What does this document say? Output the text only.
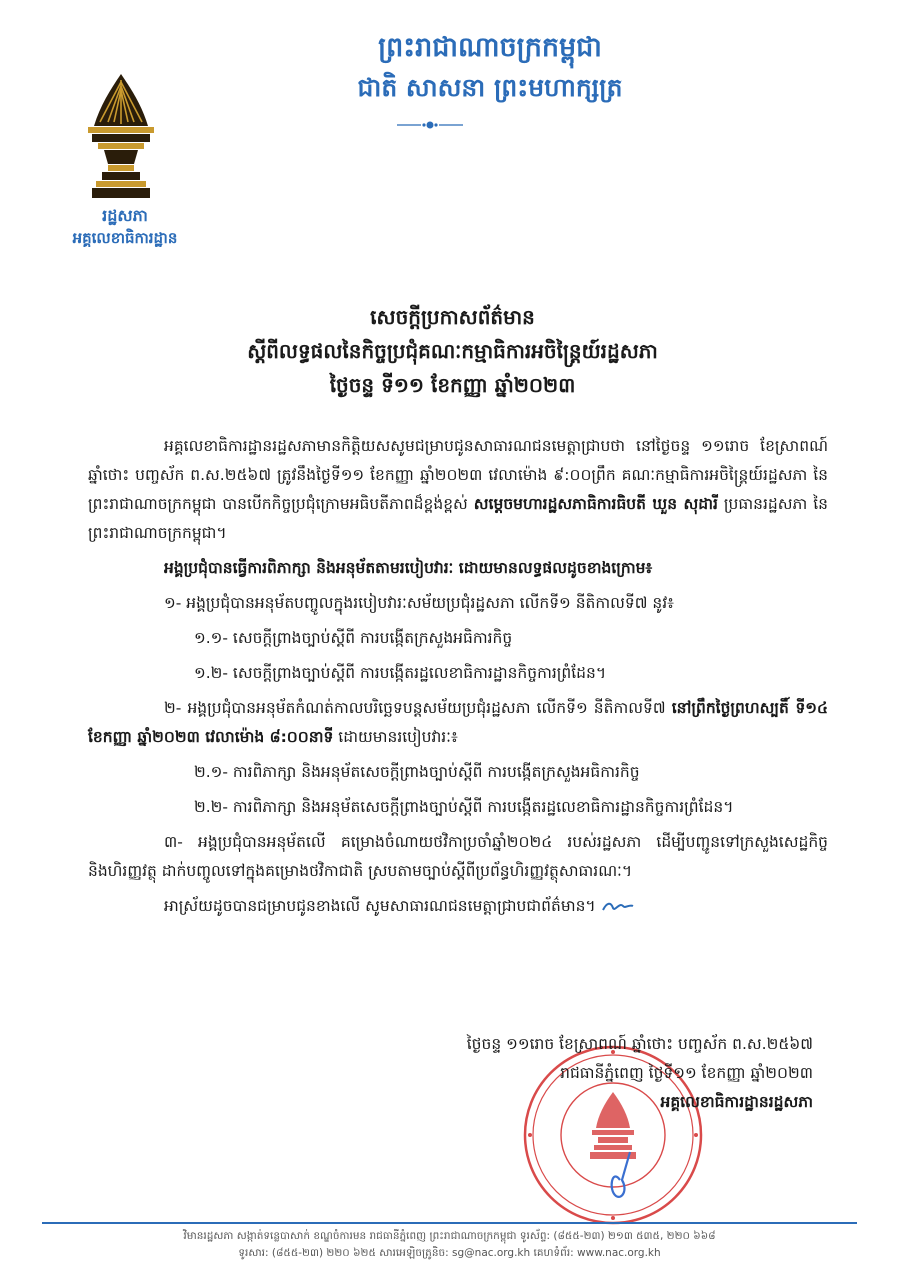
ព្រះរាជាណាចក្រកម្ពុជា
ជាតិ សាសនា ព្រះមហាក្សត្រ
រដ្ឋសភា
អគ្គលេខាធិការដ្ឋាន
សេចក្តីប្រកាសព័ត៌មាន
ស្តីពីលទ្ធផលនៃកិច្ចប្រជុំគណៈកម្មាធិការអចិន្ត្រៃយ៍រដ្ឋសភា
ថ្ងៃចន្ទ ទី១១ ខែកញ្ញា ឆ្នាំ២០២៣

អគ្គលេខាធិការដ្ឋានរដ្ឋសភាមានកិត្តិយសសូមជម្រាបជូនសាធារណជនមេត្តាជ្រាបថា នៅថ្ងៃចន្ទ ១១រោច ខែស្រាពណ៍ ឆ្នាំថោះ បញ្ចស័ក ព.ស.២៥៦៧ ត្រូវនឹងថ្ងៃទី១១ ខែកញ្ញា ឆ្នាំ២០២៣ វេលាម៉ោង ៩:០០ព្រឹក គណៈកម្មាធិការអចិន្ត្រៃយ៍រដ្ឋសភា នៃព្រះរាជាណាចក្រកម្ពុជា បានបើកកិច្ចប្រជុំក្រោមអធិបតីភាពដ៏ខ្ពង់ខ្ពស់ សម្តេចមហារដ្ឋសភាធិការធិបតី ឃួន សុដារី ប្រធានរដ្ឋសភា នៃព្រះរាជាណាចក្រកម្ពុជា។

អង្គប្រជុំបានធ្វើការពិភាក្សា និងអនុម័តតាមរបៀបវារៈ ដោយមានលទ្ធផលដូចខាងក្រោម៖

១- អង្គប្រជុំបានអនុម័តបញ្ចូលក្នុងរបៀបវារៈសម័យប្រជុំរដ្ឋសភា លើកទី១ នីតិកាលទី៧ នូវ៖

១.១- សេចក្តីព្រាងច្បាប់ស្តីពី ការបង្កើតក្រសួងអធិការកិច្ច

១.២- សេចក្តីព្រាងច្បាប់ស្តីពី ការបង្កើតរដ្ឋលេខាធិការដ្ឋានកិច្ចការព្រំដែន។

២- អង្គប្រជុំបានអនុម័តកំណត់កាលបរិច្ឆេទបន្តសម័យប្រជុំរដ្ឋសភា លើកទី១ នីតិកាលទី៧ នៅព្រឹកថ្ងៃព្រហស្បតិ៍ ទី១៤ ខែកញ្ញា ឆ្នាំ២០២៣ វេលាម៉ោង ៨:០០នាទី ដោយមានរបៀបវារៈ៖

២.១- ការពិភាក្សា និងអនុម័តសេចក្តីព្រាងច្បាប់ស្តីពី ការបង្កើតក្រសួងអធិការកិច្ច

២.២- ការពិភាក្សា និងអនុម័តសេចក្តីព្រាងច្បាប់ស្តីពី ការបង្កើតរដ្ឋលេខាធិការដ្ឋានកិច្ចការព្រំដែន។

៣- អង្គប្រជុំបានអនុម័តលើ គម្រោងចំណាយថវិកាប្រចាំឆ្នាំ២០២៤ របស់រដ្ឋសភា ដើម្បីបញ្ជូនទៅក្រសួងសេដ្ឋកិច្ច និងហិរញ្ញវត្ថុ ដាក់បញ្ចូលទៅក្នុងគម្រោងថវិកាជាតិ ស្របតាមច្បាប់ស្តីពីប្រព័ន្ធហិរញ្ញវត្ថុសាធារណៈ។

អាស្រ័យដូចបានជម្រាបជូនខាងលើ សូមសាធារណជនមេត្តាជ្រាបជាព័ត៌មាន។

ថ្ងៃចន្ទ ១១រោច ខែស្រាពណ៍ ឆ្នាំថោះ បញ្ចស័ក ព.ស.២៥៦៧
រាជធានីភ្នំពេញ ថ្ងៃទី១១ ខែកញ្ញា ឆ្នាំ២០២៣
អគ្គលេខាធិការដ្ឋានរដ្ឋសភា
វិមានរដ្ឋសភា សង្កាត់ទន្លេបាសាក់ ខណ្ឌចំការមន រាជធានីភ្នំពេញ ព្រះរាជាណាចក្រកម្ពុជា ទូរស័ព្ទ: (៨៥៥-២៣) ២១៣ ៥៣៥, ២២០ ៦៦៨
ទូរសារ: (៨៥៥-២៣) ២២០ ៦២៥ សារអេឡិចត្រូនិច: sg@nac.org.kh គេហទំព័រ: www.nac.org.kh
